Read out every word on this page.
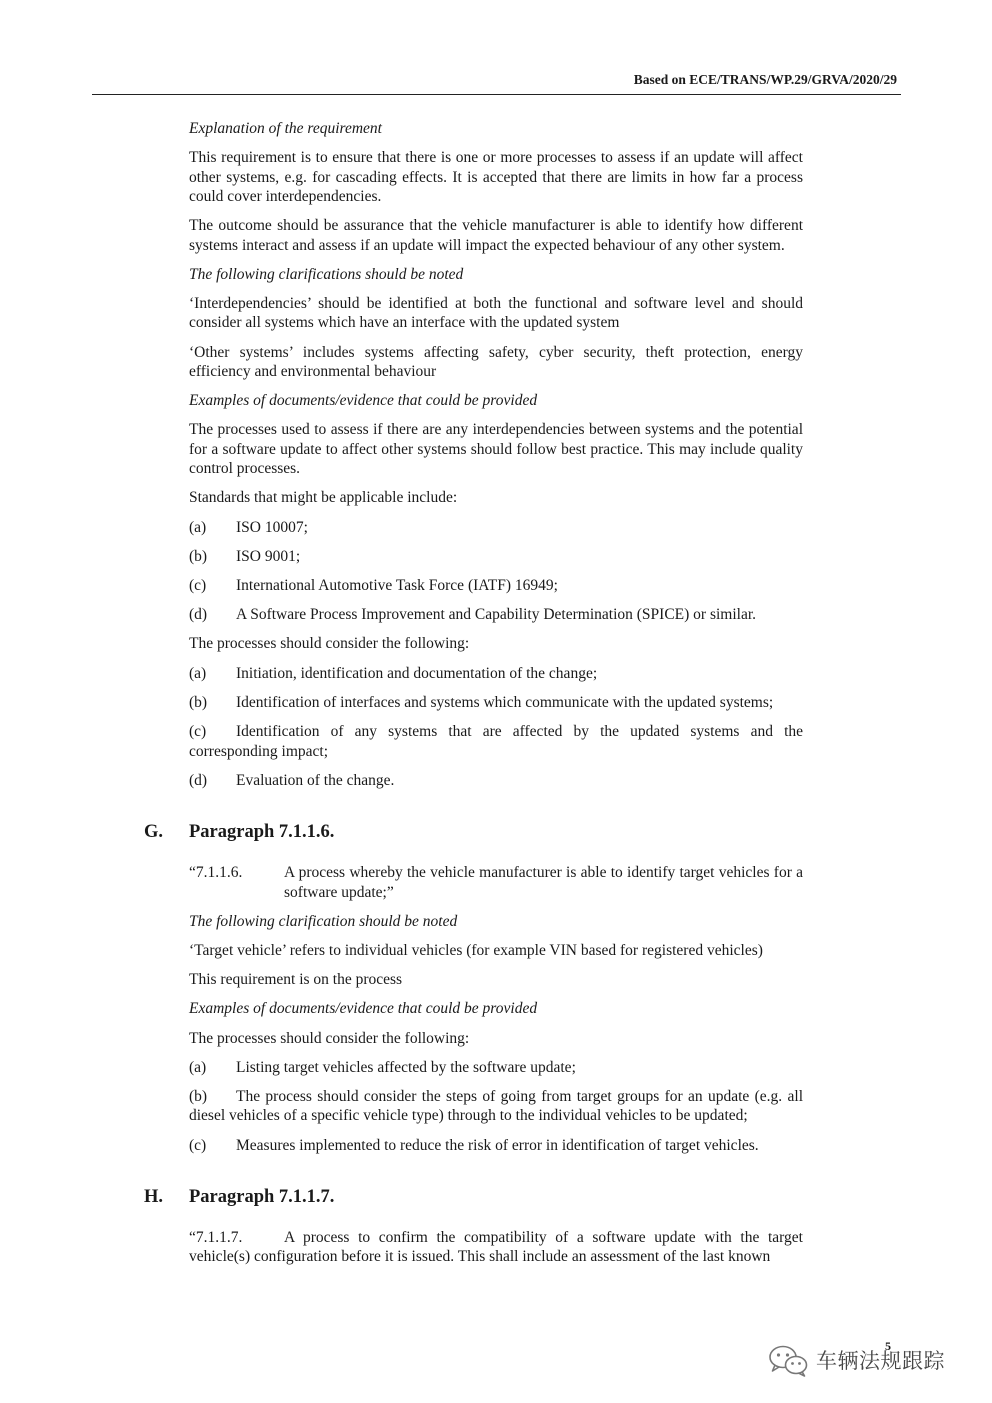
Based on ECE/TRANS/WP.29/GRVA/2020/29

Explanation of the requirement

This requirement is to ensure that there is one or more processes to assess if an update will affect other systems, e.g. for cascading effects. It is accepted that there are limits in how far a process could cover interdependencies.

The outcome should be assurance that the vehicle manufacturer is able to identify how different systems interact and assess if an update will impact the expected behaviour of any other system.

The following clarifications should be noted

‘Interdependencies’ should be identified at both the functional and software level and should consider all systems which have an interface with the updated system

‘Other systems’ includes systems affecting safety, cyber security, theft protection, energy efficiency and environmental behaviour

Examples of documents/evidence that could be provided

The processes used to assess if there are any interdependencies between systems and the potential for a software update to affect other systems should follow best practice. This may include quality control processes.

Standards that might be applicable include:

(a)	ISO 10007;
(b)	ISO 9001;
(c)	International Automotive Task Force (IATF) 16949;
(d)	A Software Process Improvement and Capability Determination (SPICE) or similar.

The processes should consider the following:

(a)	Initiation, identification and documentation of the change;
(b) Identification of interfaces and systems which communicate with the updated systems;
(c) Identification of any systems that are affected by the updated systems and the corresponding impact;
(d)	Evaluation of the change.
G.	Paragraph 7.1.1.6.
“7.1.1.6.	A process whereby the vehicle manufacturer is able to identify target vehicles for a software update;”

The following clarification should be noted

‘Target vehicle’ refers to individual vehicles (for example VIN based for registered vehicles)

This requirement is on the process

Examples of documents/evidence that could be provided

The processes should consider the following:

(a)	Listing target vehicles affected by the software update;
(b) The process should consider the steps of going from target groups for an update (e.g. all diesel vehicles of a specific vehicle type) through to the individual vehicles to be updated;
(c)	Measures implemented to reduce the risk of error in identification of target vehicles.
H.	Paragraph 7.1.1.7.
“7.1.1.7.	A process to confirm the compatibility of a software update with the target vehicle(s) configuration before it is issued. This shall include an assessment of the last known
5
车辆法规跟踪
